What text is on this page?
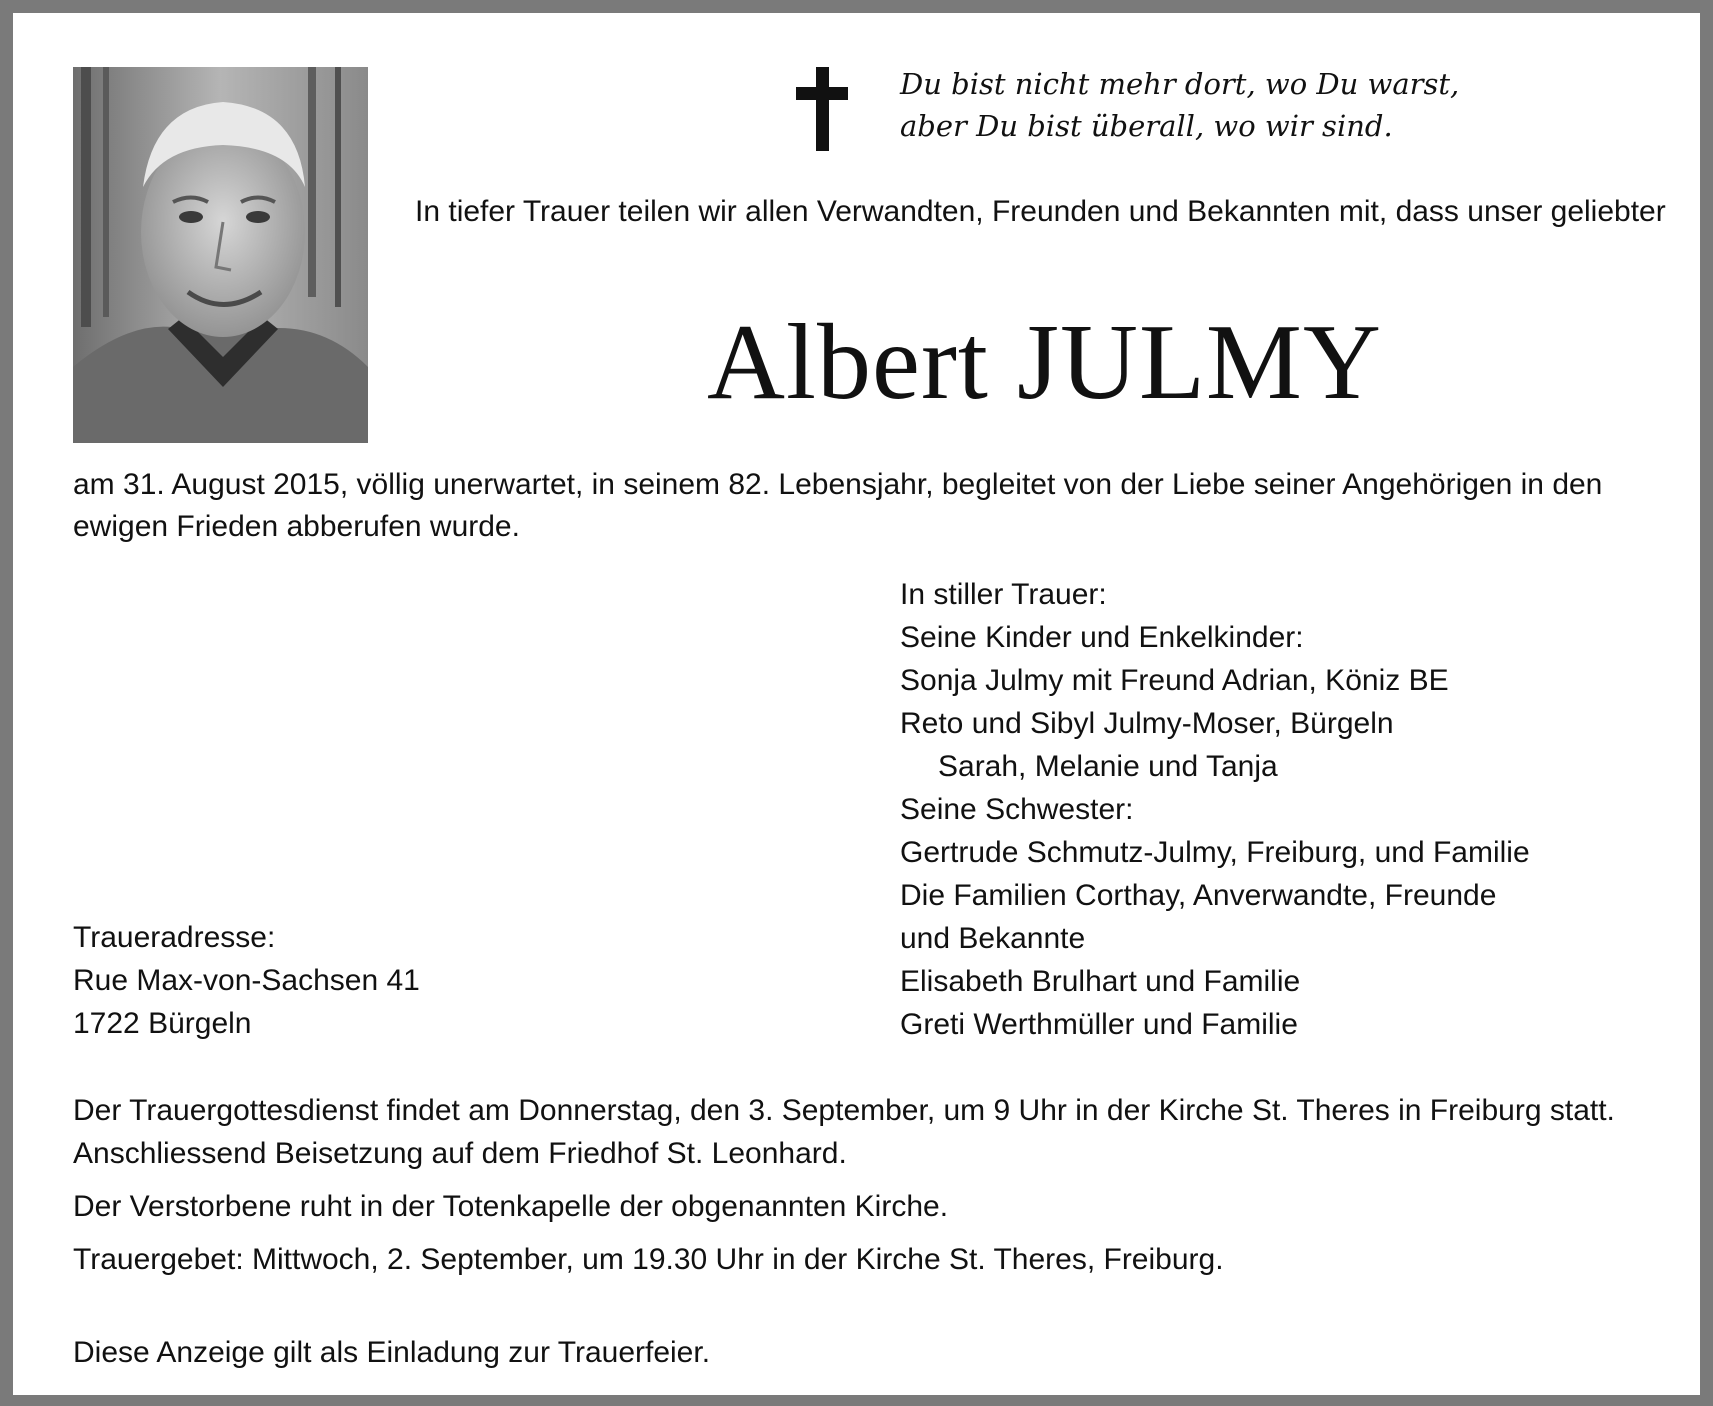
Du bist nicht mehr dort, wo Du warst,
aber Du bist überall, wo wir sind.
In tiefer Trauer teilen wir allen Verwandten, Freunden und Bekannten mit, dass unser geliebter
Albert JULMY
am 31. August 2015, völlig unerwartet, in seinem 82. Lebensjahr, begleitet von der Liebe seiner Angehörigen in den ewigen Frieden abberufen wurde.
In stiller Trauer:
Seine Kinder und Enkelkinder:
Sonja Julmy mit Freund Adrian, Köniz BE
Reto und Sibyl Julmy-Moser, Bürgeln
Sarah, Melanie und Tanja
Seine Schwester:
Gertrude Schmutz-Julmy, Freiburg, und Familie
Die Familien Corthay, Anverwandte, Freunde
und Bekannte
Elisabeth Brulhart und Familie
Greti Werthmüller und Familie
Traueradresse:
Rue Max-von-Sachsen 41
1722 Bürgeln

Der Trauergottesdienst findet am Donnerstag, den 3. September, um 9 Uhr in der Kirche St. Theres in Freiburg statt. Anschliessend Beisetzung auf dem Friedhof St. Leonhard.

Der Verstorbene ruht in der Totenkapelle der obgenannten Kirche.

Trauergebet: Mittwoch, 2. September, um 19.30 Uhr in der Kirche St. Theres, Freiburg.

Diese Anzeige gilt als Einladung zur Trauerfeier.
